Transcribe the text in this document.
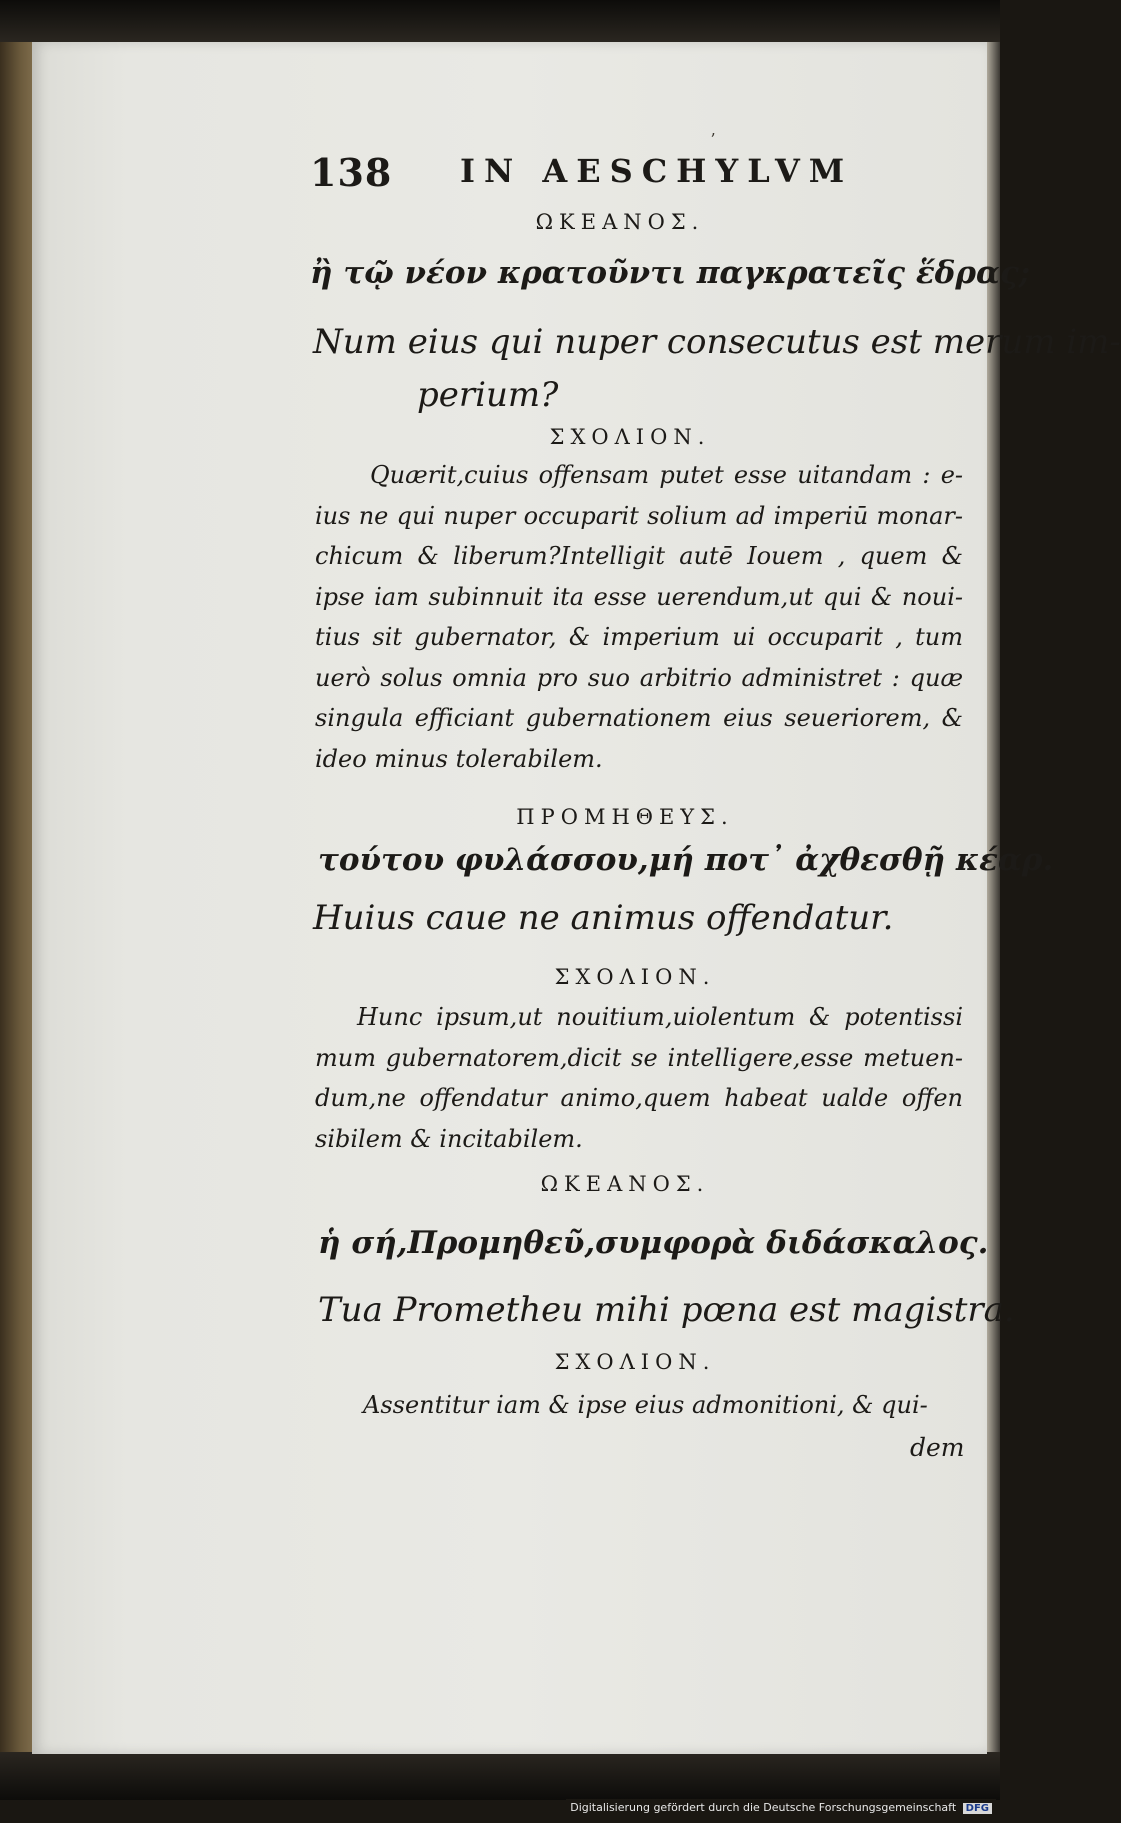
ʼ
138 IN AESCHYLVM
ΩΚΕΑΝΟΣ.
ἢ τῷ νέον κρατοῦντι παγκρατεῖς ἕδρας;
Num eius qui nuper consecutus est merum im-
perium?
ΣΧΟΛΙΟΝ.
Quærit,cuius offensam putet esse uitandam : e-
ius ne qui nuper occuparit solium ad imperiū monar-
chicum & liberum?Intelligit autē Iouem , quem &
ipse iam subinnuit ita esse uerendum,ut qui & noui-
tius sit gubernator, & imperium ui occuparit , tum
uerò solus omnia pro suo arbitrio administret : quæ
singula efficiant gubernationem eius seueriorem, &
ideo minus tolerabilem.
ΠΡΟΜΗΘΕΥΣ.
τούτου φυλάσσου,μή ποτ᾽ ἀχθεσθῇ κέαρ.
Huius caue ne animus offendatur.
ΣΧΟΛΙΟΝ.
Hunc ipsum,ut nouitium,uiolentum & potentissi
mum gubernatorem,dicit se intelligere,esse metuen-
dum,ne offendatur animo,quem habeat ualde offen
sibilem & incitabilem.
ΩΚΕΑΝΟΣ.
ἡ σή,Προμηθεῦ,συμφορὰ διδάσκαλος.
Tua Prometheu mihi pœna est magistra.
ΣΧΟΛΙΟΝ.
Assentitur iam & ipse eius admonitioni, & qui-
dem
Digitalisierung gefördert durch die Deutsche Forschungsgemeinschaft DFG
